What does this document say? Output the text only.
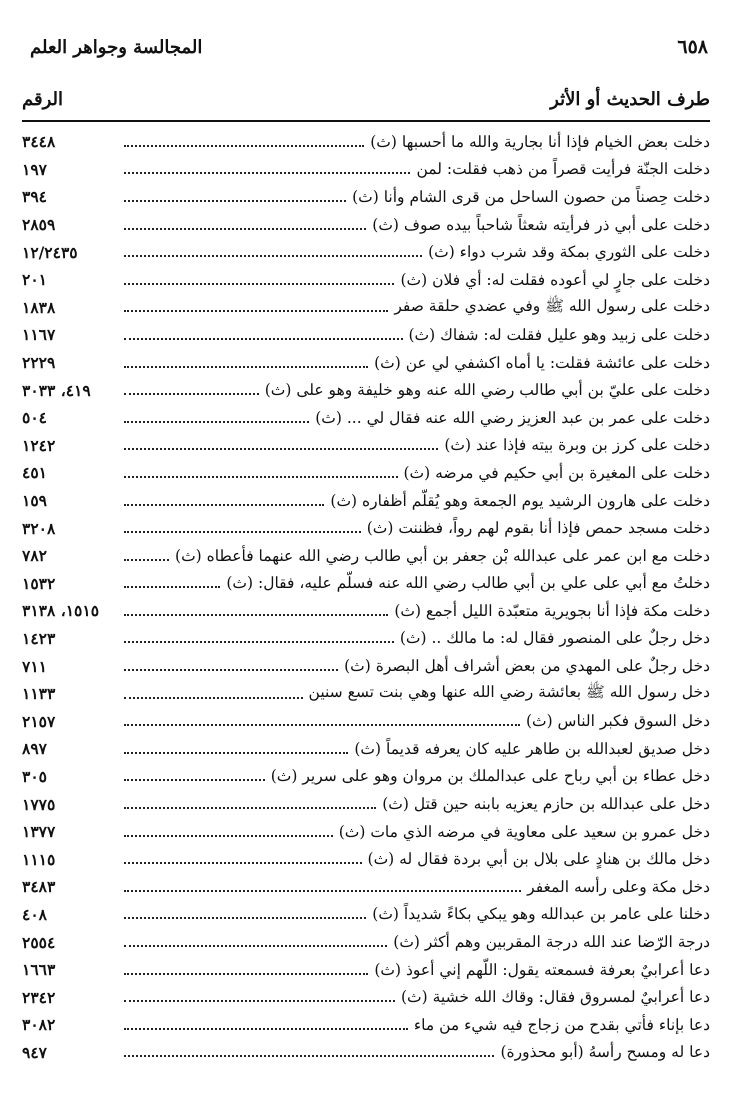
المجالسة وجواهر العلم	٦٥٨
الرقم	طرف الحديث أو الأثر
دخلت بعض الخيام فإذا أنا بجارية والله ما أحسبها (ث)
٣٤٤٨
دخلت الجنّة فرأيت قصراً من ذهب فقلت: لمن
١٩٧
دخلت حِصناً من حصون الساحل من قرى الشام وأنا (ث)
٣٩٤
دخلت على أبي ذر فرأيته شعثاً شاحباً بيده صوف (ث)
٢٨٥٩
دخلت على الثوري بمكة وقد شرب دواء (ث)
١٢/٢٤٣٥
دخلت على جارٍ لي أعوده فقلت له: أي فلان (ث)
٢٠١
دخلت على رسول الله ﷺ وفي عضدي حلقة صفر
١٨٣٨
دخلت على زبيد وهو عليل فقلت له: شفاك (ث)
١١٦٧
دخلت على عائشة فقلت: يا أماه اكشفي لي عن (ث)
٢٢٢٩
دخلت على عليّ بن أبي طالب رضي الله عنه وهو خليفة وهو على (ث)
٤١٩، ٣٠٣٣
دخلت على عمر بن عبد العزيز رضي الله عنه فقال لي ... (ث)
٥٠٤
دخلت على كرز بن وبرة بيته فإذا عند (ث)
١٢٤٢
دخلت على المغيرة بن أبي حكيم في مرضه (ث)
٤٥١
دخلت على هارون الرشيد يوم الجمعة وهو يُقلّم أظفاره (ث)
١٥٩
دخلت مسجد حمص فإذا أنا بقوم لهم رواً، فظننت (ث)
٣٢٠٨
دخلت مع ابن عمر على عبدالله بْن جعفر بن أبي طالب رضي الله عنهما فأعطاه (ث)
٧٨٢
دخلتُ مع أبي على علي بن أبي طالب رضي الله عنه فسلّم عليه، فقال: (ث)
١٥٣٢
دخلت مكة فإذا أنا بجويرية متعبّدة الليل أجمع (ث)
١٥١٥، ٣١٣٨
دخل رجلٌ على المنصور فقال له: ما مالك .. (ث)
١٤٢٣
دخل رجلٌ على المهدي من بعض أشراف أهل البصرة (ث)
٧١١
دخل رسول الله ﷺ بعائشة رضي الله عنها وهي بنت تسع سنين
١١٣٣
دخل السوق فكبر الناس (ث)
٢١٥٧
دخل صديق لعبدالله بن طاهر عليه كان يعرفه قديماً (ث)
٨٩٧
دخل عطاء بن أبي رباح على عبدالملك بن مروان وهو على سرير (ث)
٣٠٥
دخل على عبدالله بن حازم يعزيه بابنه حين قتل (ث)
١٧٧٥
دخل عمرو بن سعيد على معاوية في مرضه الذي مات (ث)
١٣٧٧
دخل مالك بن هنادٍ على بلال بن أبي بردة فقال له (ث)
١١١٥
دخل مكة وعلى رأسه المغفر
٣٤٨٣
دخلنا على عامر بن عبدالله وهو يبكي بكاءً شديداً (ث)
٤٠٨
درجة الرّضا عند الله درجة المقربين وهم أكثر (ث)
٢٥٥٤
دعا أعرابيٌ بعرفة فسمعته يقول: اللّهم إني أعوذ (ث)
١٦٦٣
دعا أعرابيٌ لمسروق فقال: وقاك الله خشية (ث)
٢٣٤٢
دعا بإناء فأتي بقدح من زجاج فيه شيء من ماء
٣٠٨٢
دعا له ومسح رأسهُ (أبو محذورة)
٩٤٧
